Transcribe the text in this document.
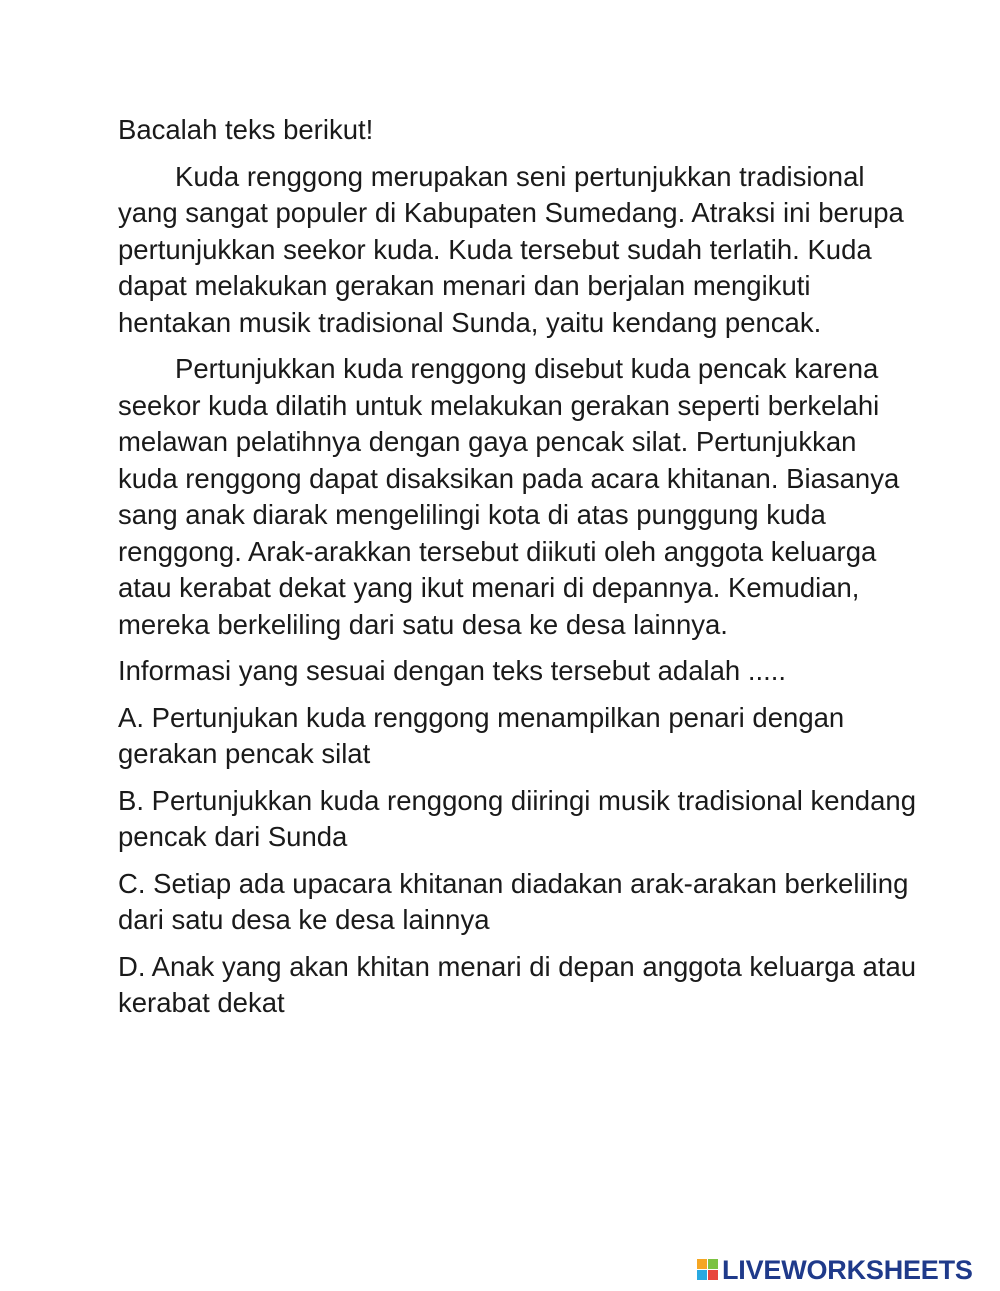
Bacalah teks berikut!

Kuda renggong merupakan seni pertunjukkan tradisional yang sangat populer di Kabupaten Sumedang. Atraksi ini berupa pertunjukkan seekor kuda. Kuda tersebut sudah terlatih. Kuda dapat melakukan gerakan menari dan berjalan mengikuti hentakan musik tradisional Sunda, yaitu kendang pencak.

Pertunjukkan kuda renggong disebut kuda pencak karena seekor kuda dilatih untuk melakukan gerakan seperti berkelahi melawan pelatihnya dengan gaya pencak silat. Pertunjukkan kuda renggong dapat disaksikan pada acara khitanan. Biasanya sang anak diarak mengelilingi kota di atas punggung kuda renggong. Arak-arakkan tersebut diikuti oleh anggota keluarga atau kerabat dekat yang ikut menari di depannya. Kemudian, mereka berkeliling dari satu desa ke desa lainnya.

Informasi yang sesuai dengan teks tersebut adalah .....

A. Pertunjukan kuda renggong menampilkan penari dengan gerakan pencak silat

B. Pertunjukkan kuda renggong diiringi musik tradisional kendang pencak dari Sunda

C. Setiap ada upacara khitanan diadakan arak-arakan berkeliling dari satu desa ke desa lainnya

D. Anak yang akan khitan menari di depan anggota keluarga atau kerabat dekat

LIVEWORKSHEETS
